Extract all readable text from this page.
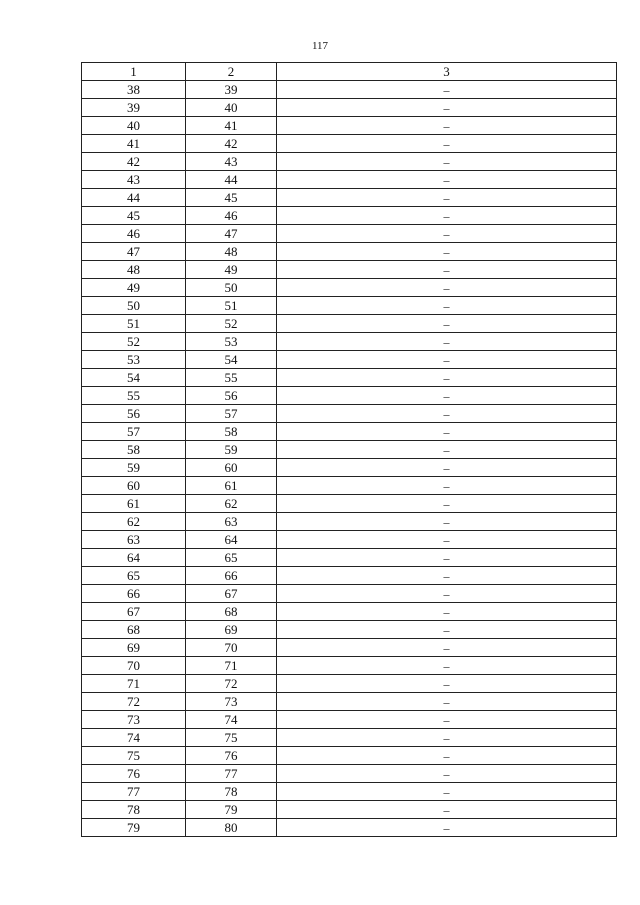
117
1	2	3
38	39	–
39	40	–
40	41	–
41	42	–
42	43	–
43	44	–
44	45	–
45	46	–
46	47	–
47	48	–
48	49	–
49	50	–
50	51	–
51	52	–
52	53	–
53	54	–
54	55	–
55	56	–
56	57	–
57	58	–
58	59	–
59	60	–
60	61	–
61	62	–
62	63	–
63	64	–
64	65	–
65	66	–
66	67	–
67	68	–
68	69	–
69	70	–
70	71	–
71	72	–
72	73	–
73	74	–
74	75	–
75	76	–
76	77	–
77	78	–
78	79	–
79	80	–
